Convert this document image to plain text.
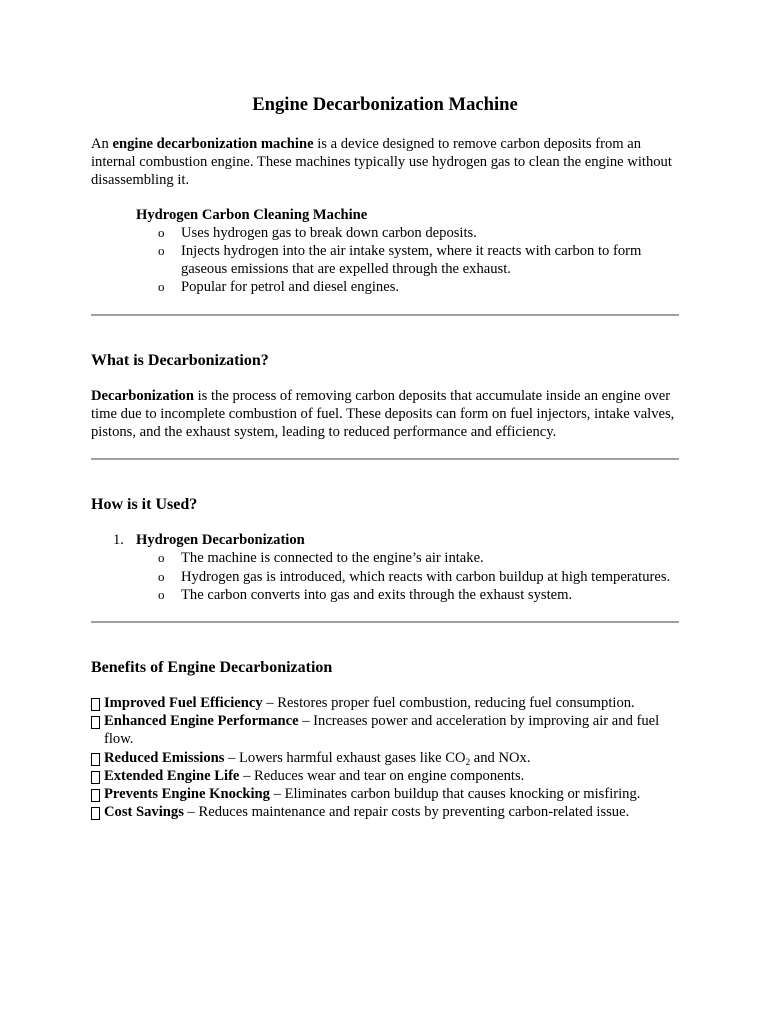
Engine Decarbonization Machine

An engine decarbonization machine is a device designed to remove carbon deposits from an internal combustion engine. These machines typically use hydrogen gas to clean the engine without disassembling it.

Hydrogen Carbon Cleaning Machine

o Uses hydrogen gas to break down carbon deposits.
o Injects hydrogen into the air intake system, where it reacts with carbon to form gaseous emissions that are expelled through the exhaust.
o Popular for petrol and diesel engines.
What is Decarbonization?

Decarbonization is the process of removing carbon deposits that accumulate inside an engine over time due to incomplete combustion of fuel. These deposits can form on fuel injectors, intake valves, pistons, and the exhaust system, leading to reduced performance and efficiency.

How is it Used?
1. Hydrogen Decarbonization
o The machine is connected to the engine’s air intake.
o Hydrogen gas is introduced, which reacts with carbon buildup at high temperatures.
o The carbon converts into gas and exits through the exhaust system.
Benefits of Engine Decarbonization
Improved Fuel Efficiency – Restores proper fuel combustion, reducing fuel consumption.
Enhanced Engine Performance – Increases power and acceleration by improving air and fuel flow.
Reduced Emissions – Lowers harmful exhaust gases like $CO_2$ and NOx.
Extended Engine Life – Reduces wear and tear on engine components.
Prevents Engine Knocking – Eliminates carbon buildup that causes knocking or misfiring.
Cost Savings – Reduces maintenance and repair costs by preventing carbon-related issue.
